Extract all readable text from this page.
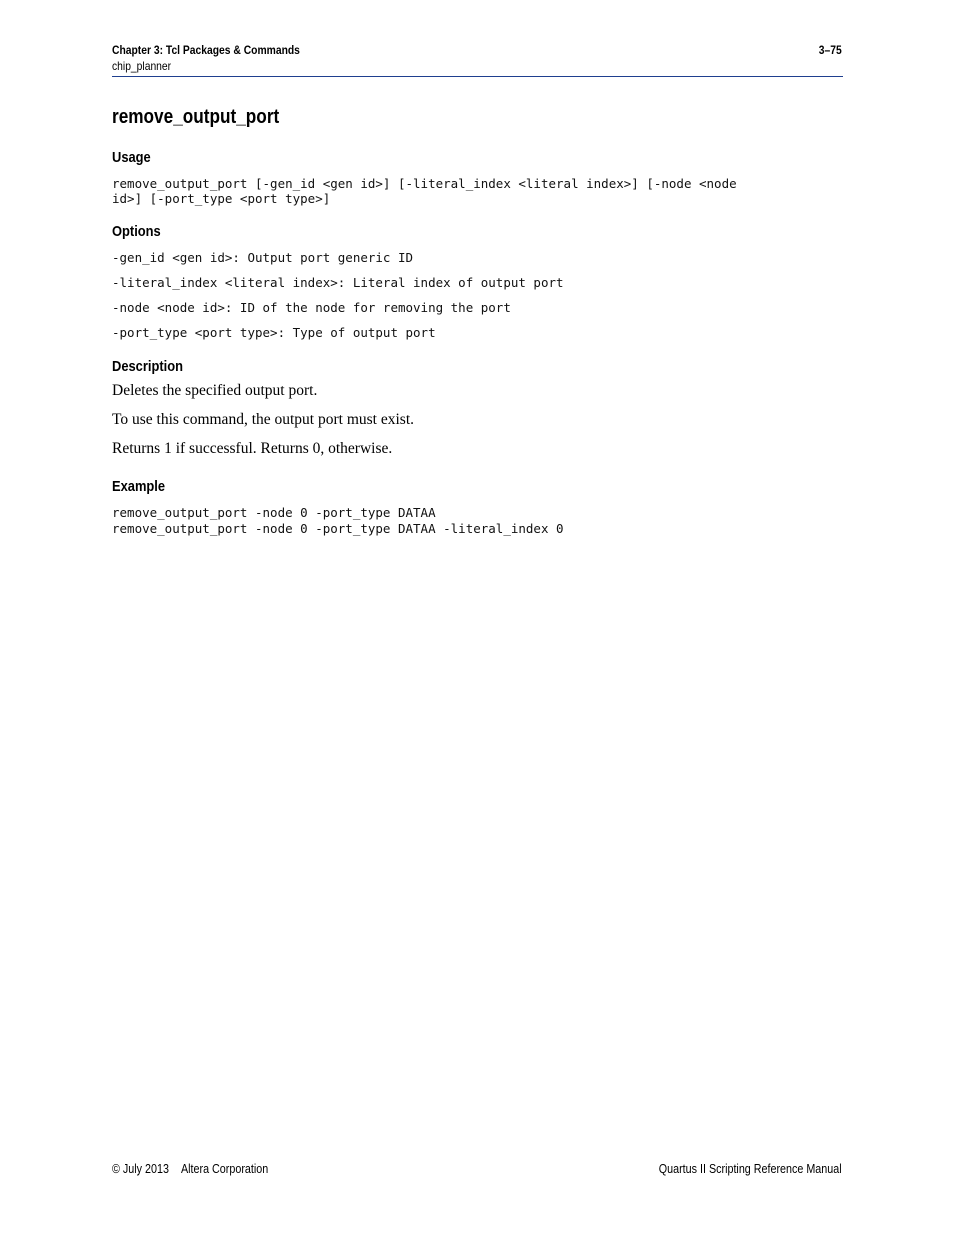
Chapter 3: Tcl Packages & Commands	3–75
chip_planner
remove_output_port
Usage
remove_output_port [-gen_id <gen id>] [-literal_index <literal index>] [-node <node
id>] [-port_type <port type>]
Options
-gen_id <gen id>: Output port generic ID
-literal_index <literal index>: Literal index of output port
-node <node id>: ID of the node for removing the port
-port_type <port type>: Type of output port
Description
Deletes the specified output port.
To use this command, the output port must exist.
Returns 1 if successful. Returns 0, otherwise.
Example
remove_output_port -node 0 -port_type DATAA
remove_output_port -node 0 -port_type DATAA -literal_index 0
© July 2013 Altera Corporation	Quartus II Scripting Reference Manual
